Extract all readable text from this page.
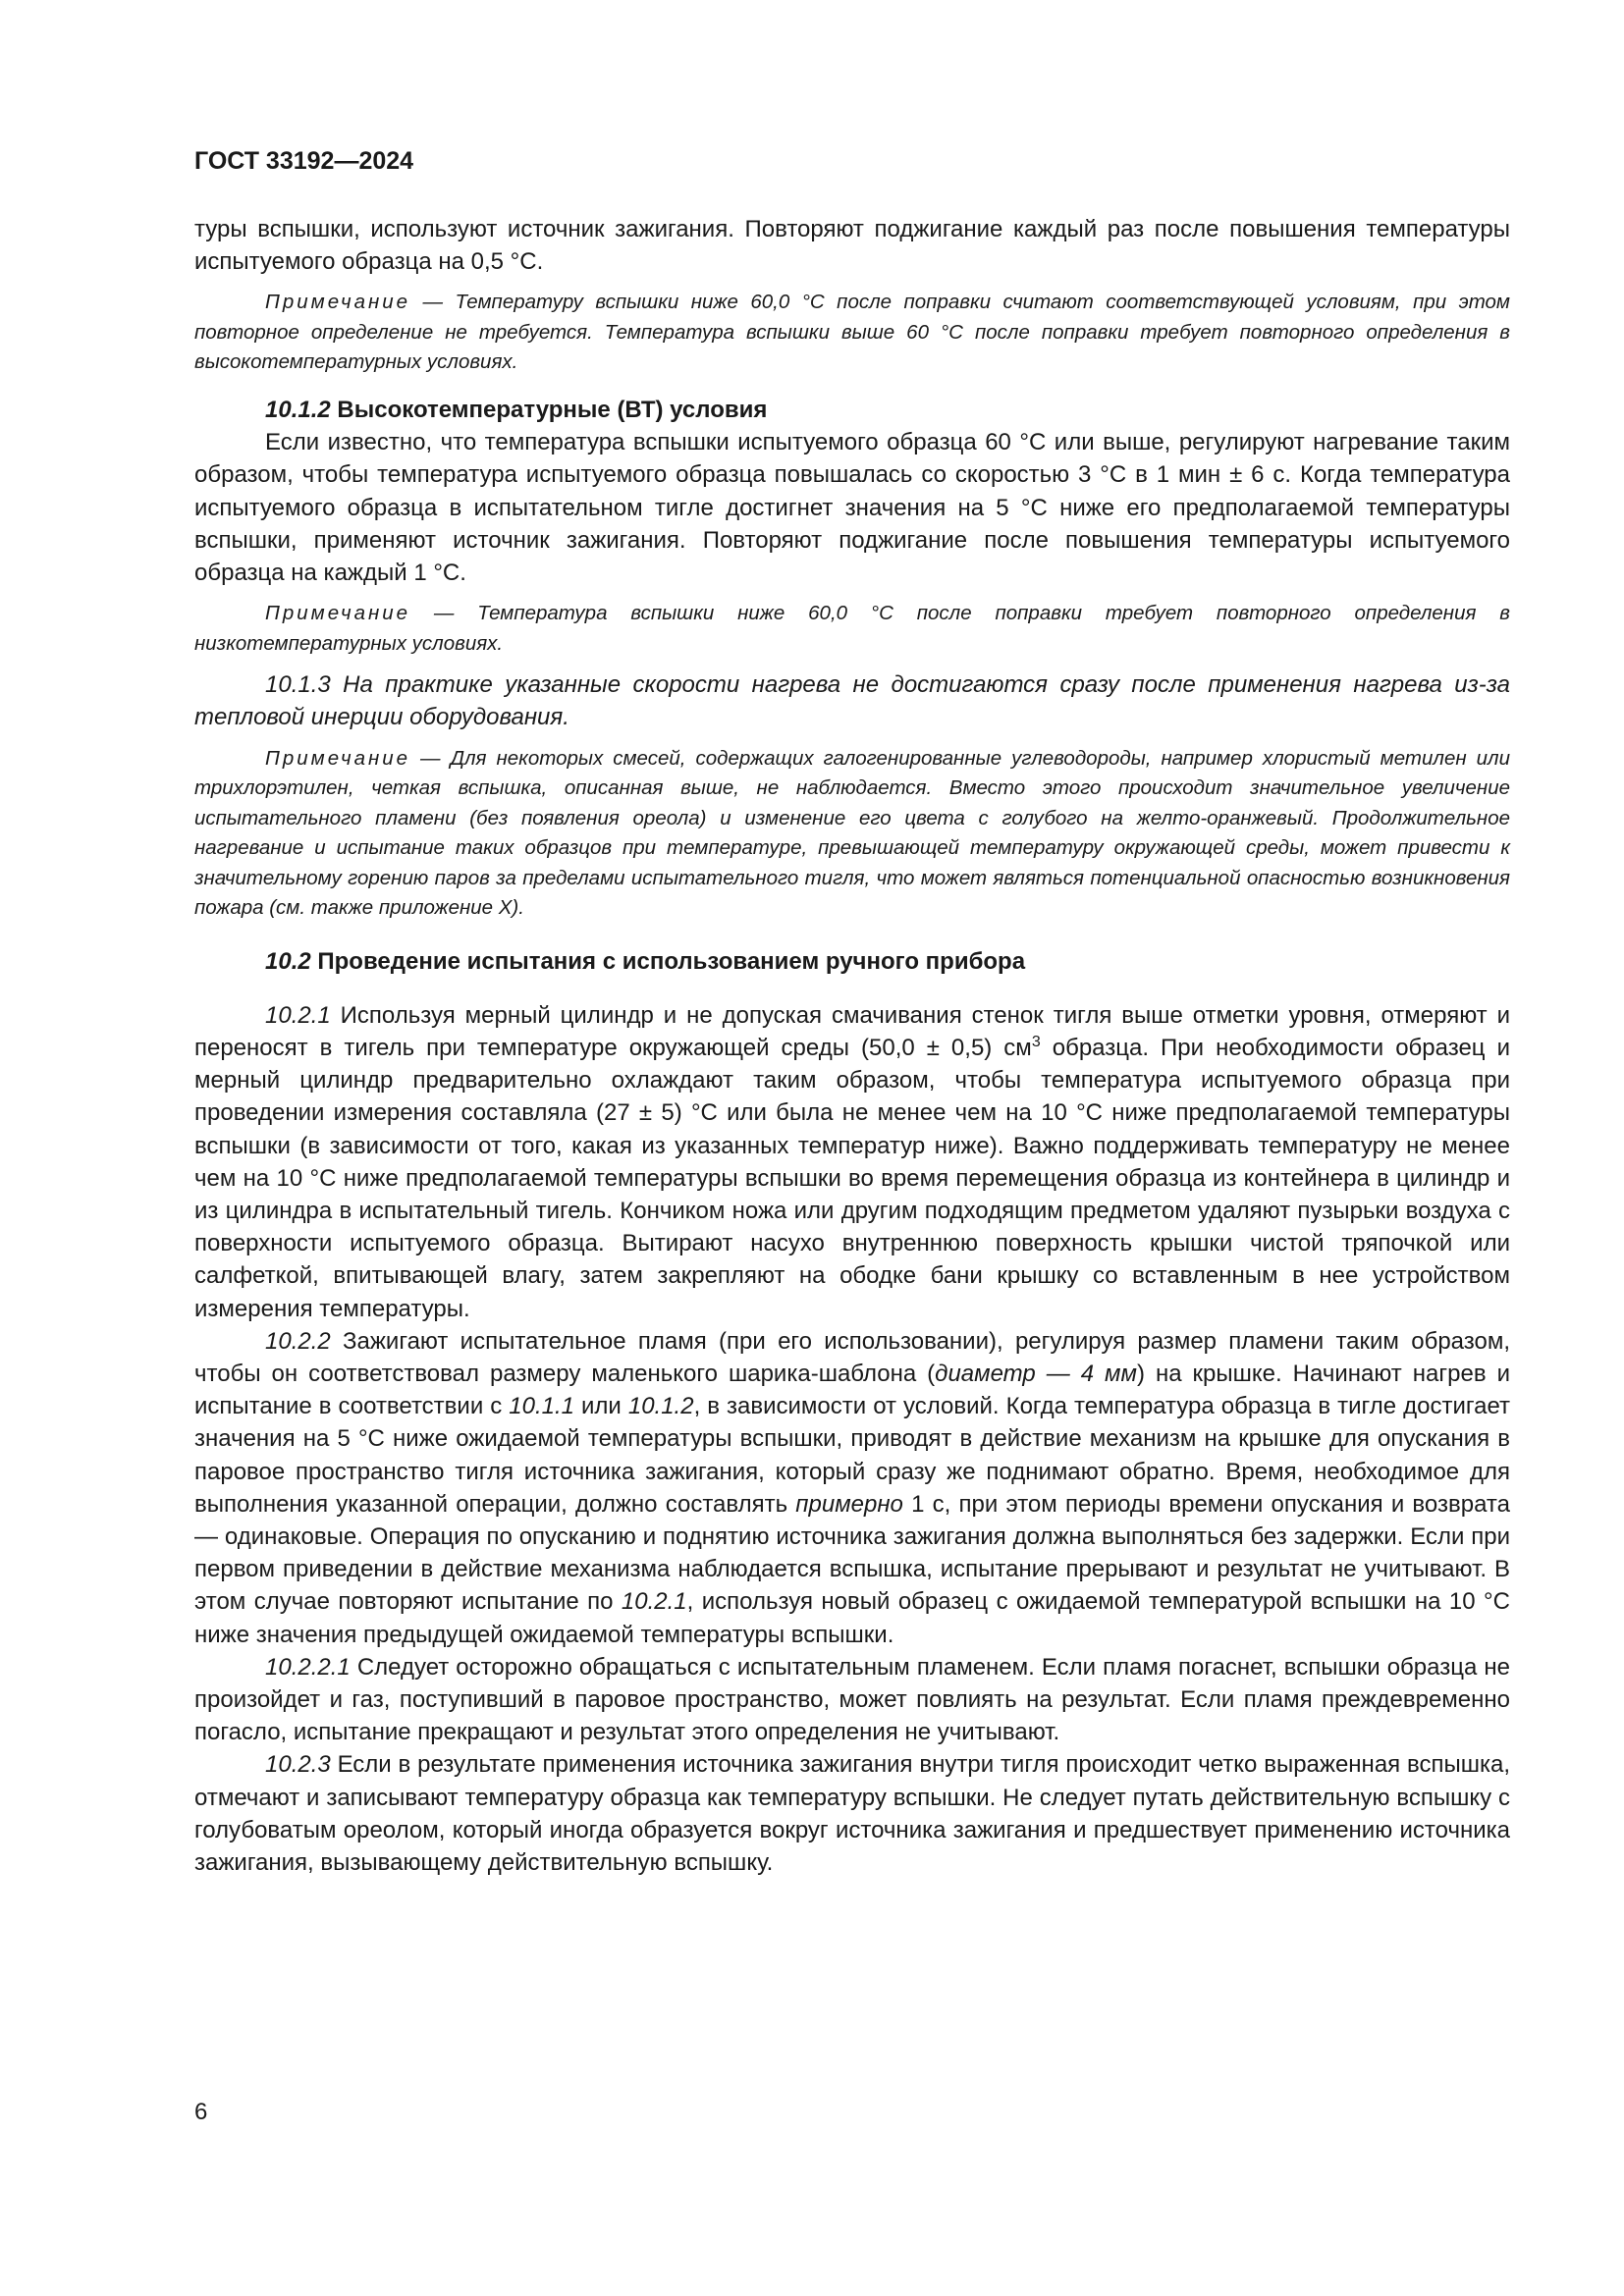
ГОСТ 33192—2024

туры вспышки, используют источник зажигания. Повторяют поджигание каждый раз после повышения температуры испытуемого образца на 0,5 °С.

Примечание — Температуру вспышки ниже 60,0 °С после поправки считают соответствующей условиям, при этом повторное определение не требуется. Температура вспышки выше 60 °С после поправки требует повторного определения в высокотемпературных условиях.

10.1.2 Высокотемпературные (ВТ) условия

Если известно, что температура вспышки испытуемого образца 60 °С или выше, регулируют нагревание таким образом, чтобы температура испытуемого образца повышалась со скоростью 3 °С в 1 мин ± 6 с. Когда температура испытуемого образца в испытательном тигле достигнет значения на 5 °С ниже его предполагаемой температуры вспышки, применяют источник зажигания. Повторяют поджигание после повышения температуры испытуемого образца на каждый 1 °С.

Примечание — Температура вспышки ниже 60,0 °С после поправки требует повторного определения в низкотемпературных условиях.

10.1.3 На практике указанные скорости нагрева не достигаются сразу после применения нагрева из-за тепловой инерции оборудования.

Примечание — Для некоторых смесей, содержащих галогенированные углеводороды, например хлористый метилен или трихлорэтилен, четкая вспышка, описанная выше, не наблюдается. Вместо этого происходит значительное увеличение испытательного пламени (без появления ореола) и изменение его цвета с голубого на желто-оранжевый. Продолжительное нагревание и испытание таких образцов при температуре, превышающей температуру окружающей среды, может привести к значительному горению паров за пределами испытательного тигля, что может являться потенциальной опасностью возникновения пожара (см. также приложение Х).

10.2 Проведение испытания с использованием ручного прибора

10.2.1 Используя мерный цилиндр и не допуская смачивания стенок тигля выше отметки уровня, отмеряют и переносят в тигель при температуре окружающей среды (50,0 ± 0,5) $см^3$ образца. При необходимости образец и мерный цилиндр предварительно охлаждают таким образом, чтобы температура испытуемого образца при проведении измерения составляла (27 ± 5) °С или была не менее чем на 10 °С ниже предполагаемой температуры вспышки (в зависимости от того, какая из указанных температур ниже). Важно поддерживать температуру не менее чем на 10 °С ниже предполагаемой температуры вспышки во время перемещения образца из контейнера в цилиндр и из цилиндра в испытательный тигель. Кончиком ножа или другим подходящим предметом удаляют пузырьки воздуха с поверхности испытуемого образца. Вытирают насухо внутреннюю поверхность крышки чистой тряпочкой или салфеткой, впитывающей влагу, затем закрепляют на ободке бани крышку со вставленным в нее устройством измерения температуры.

10.2.2 Зажигают испытательное пламя (при его использовании), регулируя размер пламени таким образом, чтобы он соответствовал размеру маленького шарика-шаблона (диаметр — 4 мм) на крышке. Начинают нагрев и испытание в соответствии с 10.1.1 или 10.1.2, в зависимости от условий. Когда температура образца в тигле достигает значения на 5 °С ниже ожидаемой температуры вспышки, приводят в действие механизм на крышке для опускания в паровое пространство тигля источника зажигания, который сразу же поднимают обратно. Время, необходимое для выполнения указанной операции, должно составлять примерно 1 с, при этом периоды времени опускания и возврата — одинаковые. Операция по опусканию и поднятию источника зажигания должна выполняться без задержки. Если при первом приведении в действие механизма наблюдается вспышка, испытание прерывают и результат не учитывают. В этом случае повторяют испытание по 10.2.1, используя новый образец с ожидаемой температурой вспышки на 10 °С ниже значения предыдущей ожидаемой температуры вспышки.

10.2.2.1 Следует осторожно обращаться с испытательным пламенем. Если пламя погаснет, вспышки образца не произойдет и газ, поступивший в паровое пространство, может повлиять на результат. Если пламя преждевременно погасло, испытание прекращают и результат этого определения не учитывают.

10.2.3 Если в результате применения источника зажигания внутри тигля происходит четко выраженная вспышка, отмечают и записывают температуру образца как температуру вспышки. Не следует путать действительную вспышку с голубоватым ореолом, который иногда образуется вокруг источника зажигания и предшествует применению источника зажигания, вызывающему действительную вспышку.

6
